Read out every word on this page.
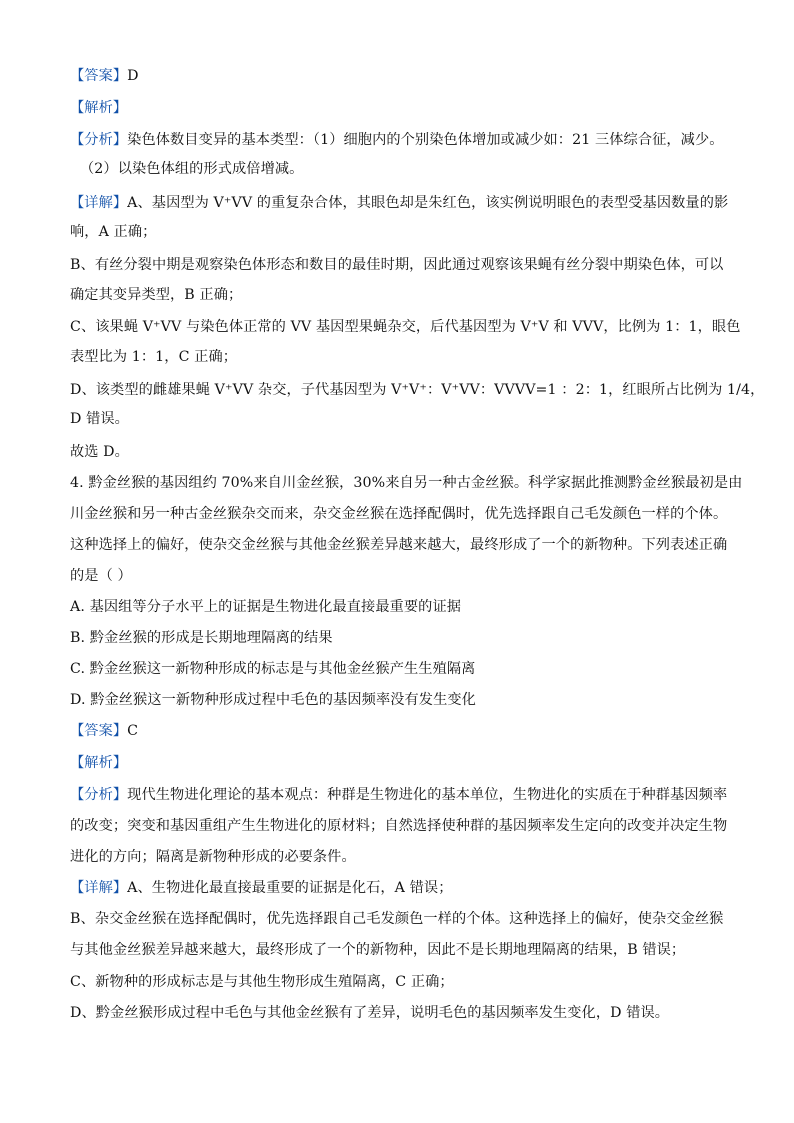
【答案】D
【解析】
【分析】染色体数目变异的基本类型：（1）细胞内的个别染色体增加或减少如：21 三体综合征，减少。
（2）以染色体组的形式成倍增减。
【详解】A、基因型为 V⁺VV 的重复杂合体，其眼色却是朱红色，该实例说明眼色的表型受基因数量的影
响，A 正确；
B、有丝分裂中期是观察染色体形态和数目的最佳时期，因此通过观察该果蝇有丝分裂中期染色体，可以
确定其变异类型，B 正确；
C、该果蝇 V⁺VV 与染色体正常的 VV 基因型果蝇杂交，后代基因型为 V⁺V 和 VVV，比例为 1：1，眼色
表型比为 1：1，C 正确；
D、该类型的雌雄果蝇 V⁺VV 杂交，子代基因型为 V⁺V⁺：V⁺VV：VVVV=1 ：2：1，红眼所占比例为 1/4，
D 错误。
故选 D。
4. 黔金丝猴的基因组约 70%来自川金丝猴，30%来自另一种古金丝猴。科学家据此推测黔金丝猴最初是由
川金丝猴和另一种古金丝猴杂交而来，杂交金丝猴在选择配偶时，优先选择跟自己毛发颜色一样的个体。
这种选择上的偏好，使杂交金丝猴与其他金丝猴差异越来越大，最终形成了一个的新物种。下列表述正确
的是（ ）
A. 基因组等分子水平上的证据是生物进化最直接最重要的证据
B. 黔金丝猴的形成是长期地理隔离的结果
C. 黔金丝猴这一新物种形成的标志是与其他金丝猴产生生殖隔离
D. 黔金丝猴这一新物种形成过程中毛色的基因频率没有发生变化
【答案】C
【解析】
【分析】现代生物进化理论的基本观点：种群是生物进化的基本单位，生物进化的实质在于种群基因频率
的改变；突变和基因重组产生生物进化的原材料；自然选择使种群的基因频率发生定向的改变并决定生物
进化的方向；隔离是新物种形成的必要条件。
【详解】A、生物进化最直接最重要的证据是化石，A 错误；
B、杂交金丝猴在选择配偶时，优先选择跟自己毛发颜色一样的个体。这种选择上的偏好，使杂交金丝猴
与其他金丝猴差异越来越大，最终形成了一个的新物种，因此不是长期地理隔离的结果，B 错误；
C、新物种的形成标志是与其他生物形成生殖隔离，C 正确；
D、黔金丝猴形成过程中毛色与其他金丝猴有了差异，说明毛色的基因频率发生变化，D 错误。
